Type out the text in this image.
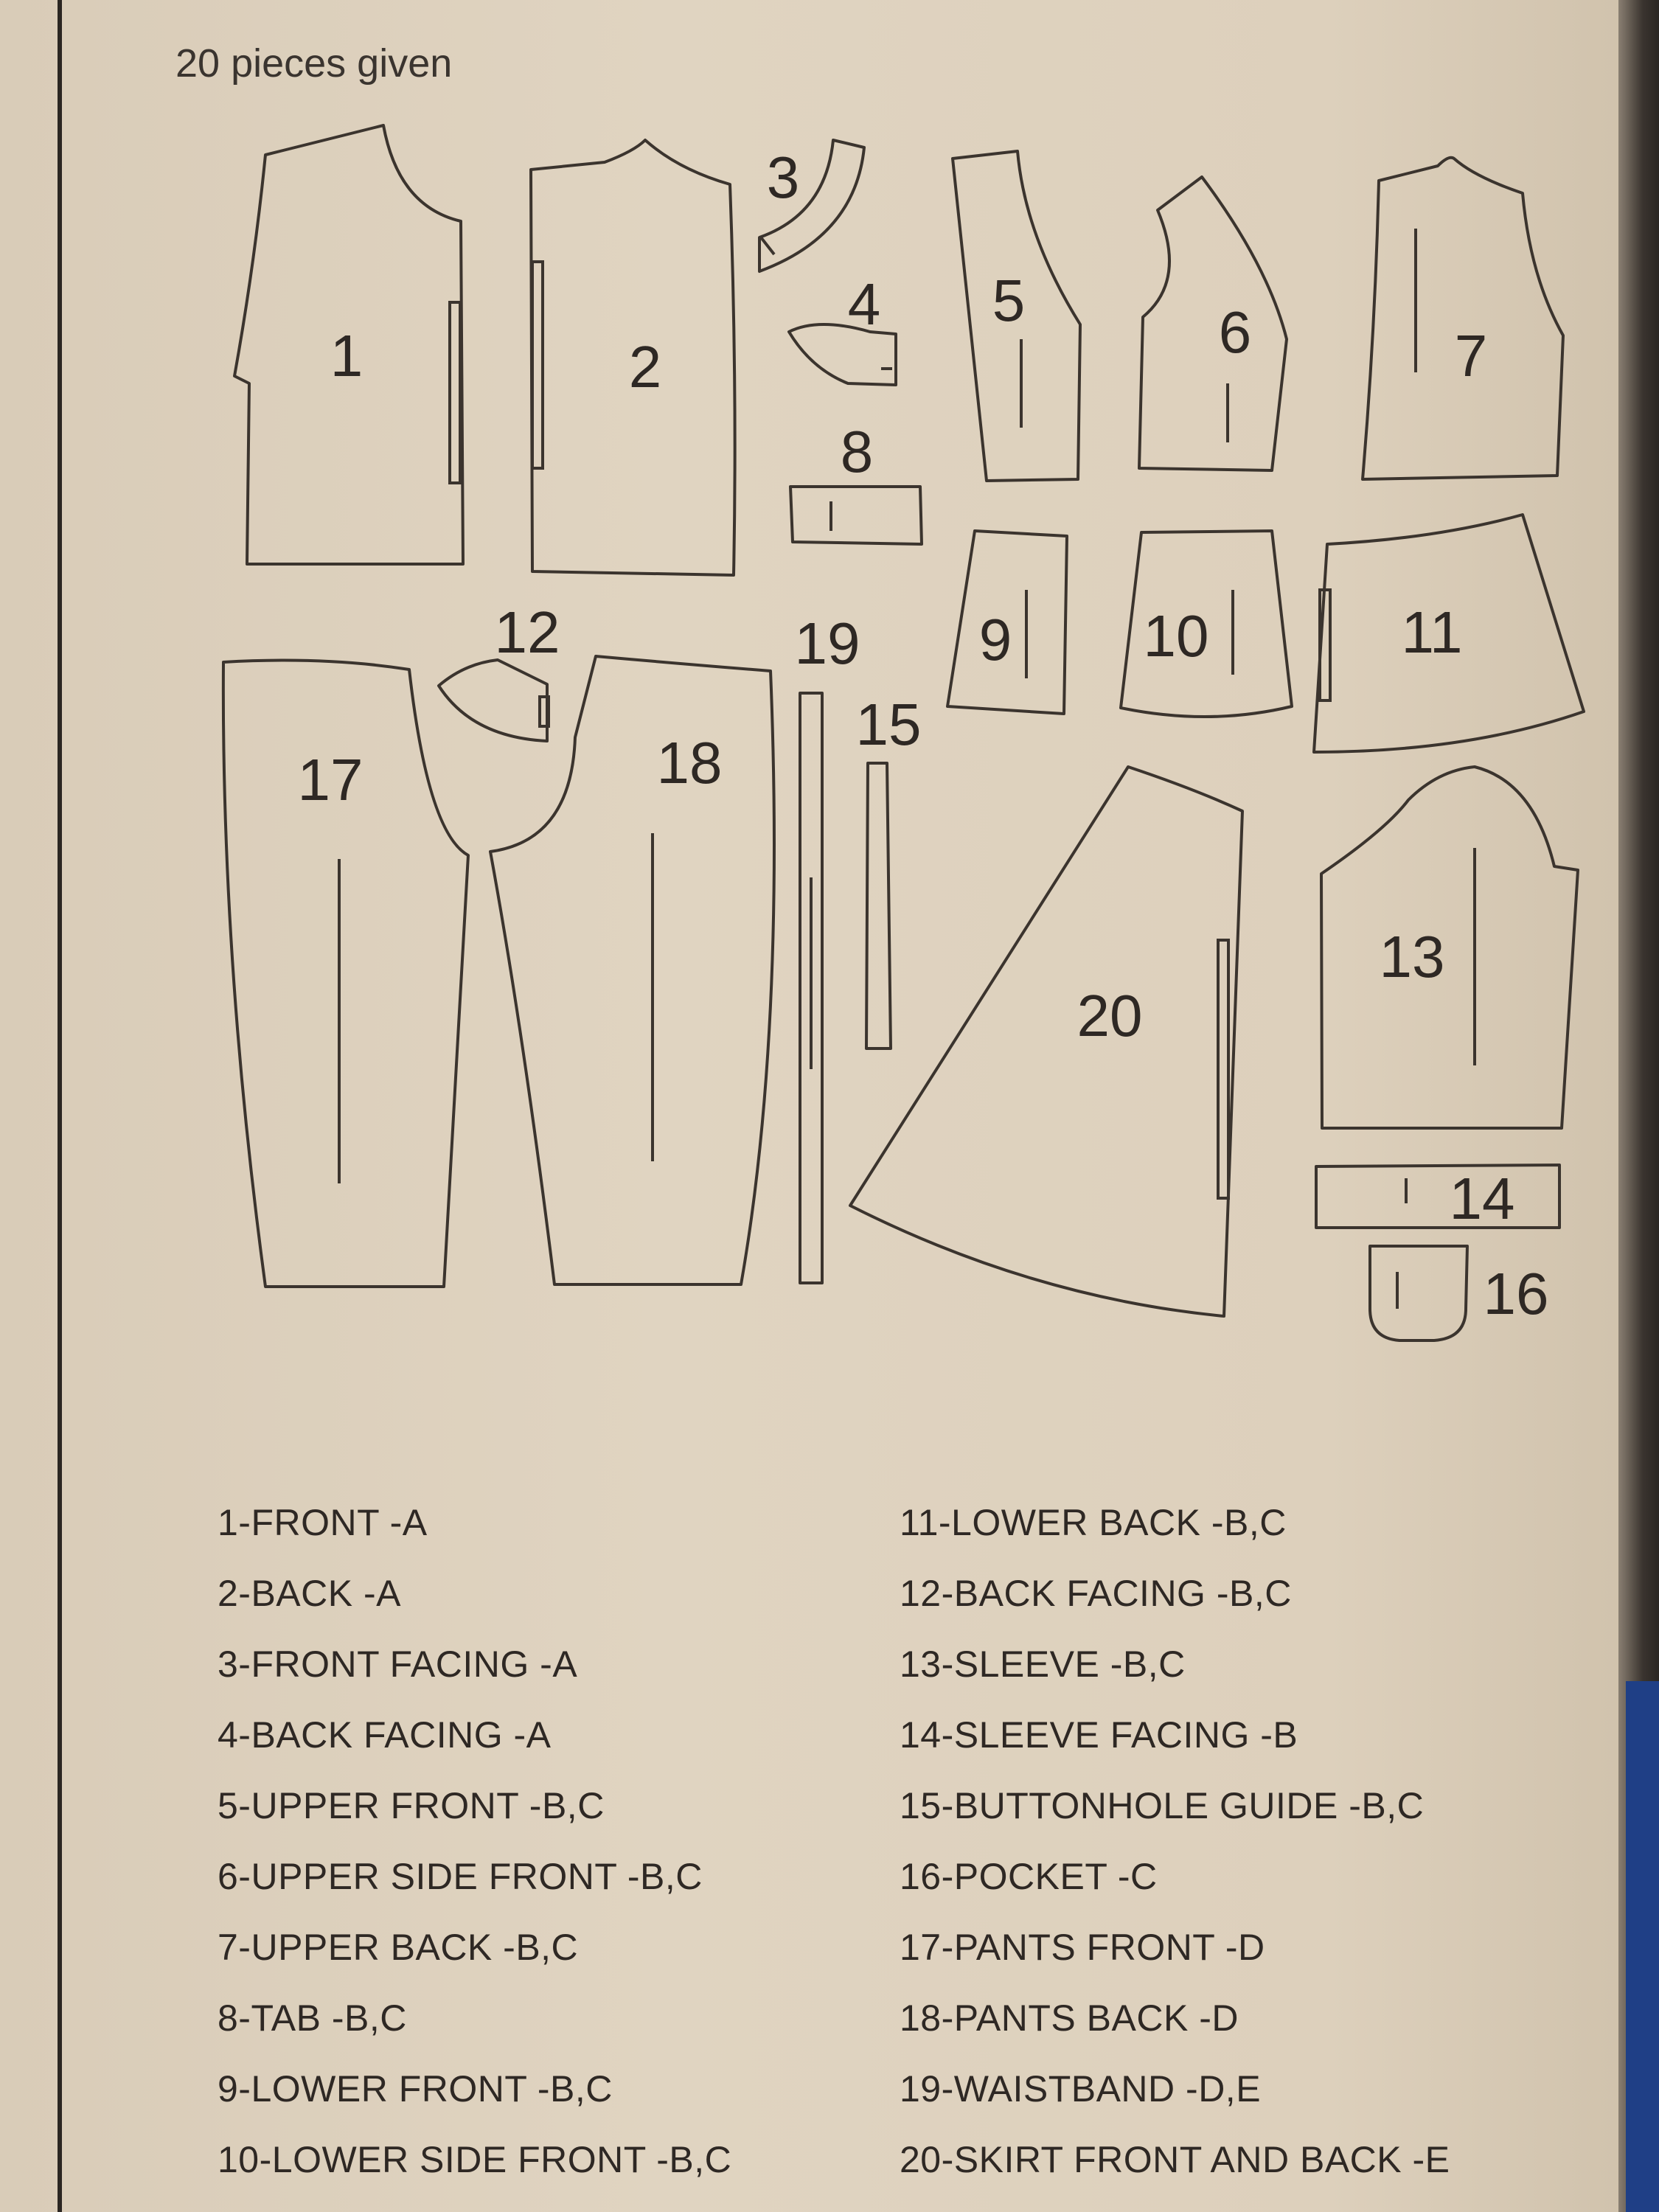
20 pieces given
1	2
3
4
8
5	6	7
9 10	11
12
17	18
19
15
20
13
14
16
1-FRONT -A
2-BACK -A
3-FRONT FACING -A
4-BACK FACING -A
5-UPPER FRONT -B,C
6-UPPER SIDE FRONT -B,C
7-UPPER BACK -B,C
8-TAB -B,C
9-LOWER FRONT -B,C
10-LOWER SIDE FRONT -B,C
11-LOWER BACK -B,C
12-BACK FACING -B,C
13-SLEEVE -B,C
14-SLEEVE FACING -B
15-BUTTONHOLE GUIDE -B,C
16-POCKET -C
17-PANTS FRONT -D
18-PANTS BACK -D
19-WAISTBAND -D,E
20-SKIRT FRONT AND BACK -E
